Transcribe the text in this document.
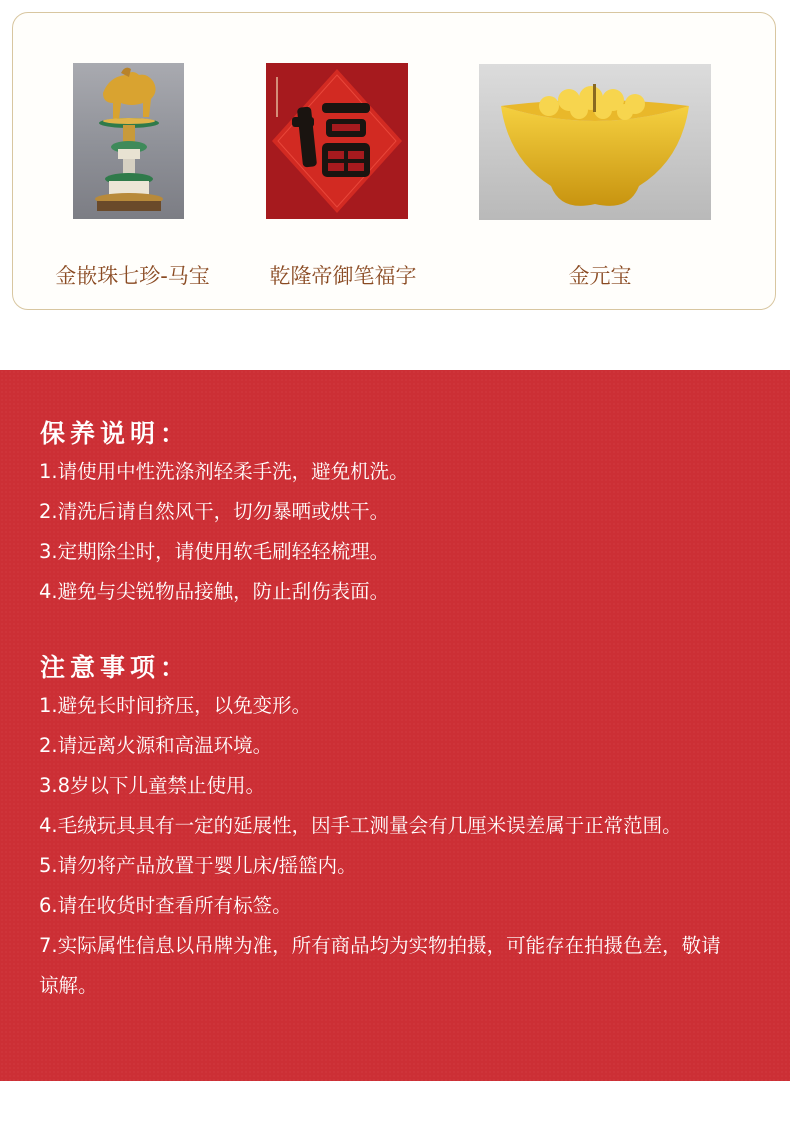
金嵌珠七珍-马宝	乾隆帝御笔福字	金元宝
保养说明：
1.请使用中性洗涤剂轻柔手洗，避免机洗。
2.清洗后请自然风干，切勿暴晒或烘干。
3.定期除尘时，请使用软毛刷轻轻梳理。
4.避免与尖锐物品接触，防止刮伤表面。
注意事项：
1.避免长时间挤压，以免变形。
2.请远离火源和高温环境。
3.8岁以下儿童禁止使用。
4.毛绒玩具具有一定的延展性，因手工测量会有几厘米误差属于正常范围。
5.请勿将产品放置于婴儿床/摇篮内。
6.请在收货时查看所有标签。
7.实际属性信息以吊牌为准，所有商品均为实物拍摄，可能存在拍摄色差，敬请谅解。
